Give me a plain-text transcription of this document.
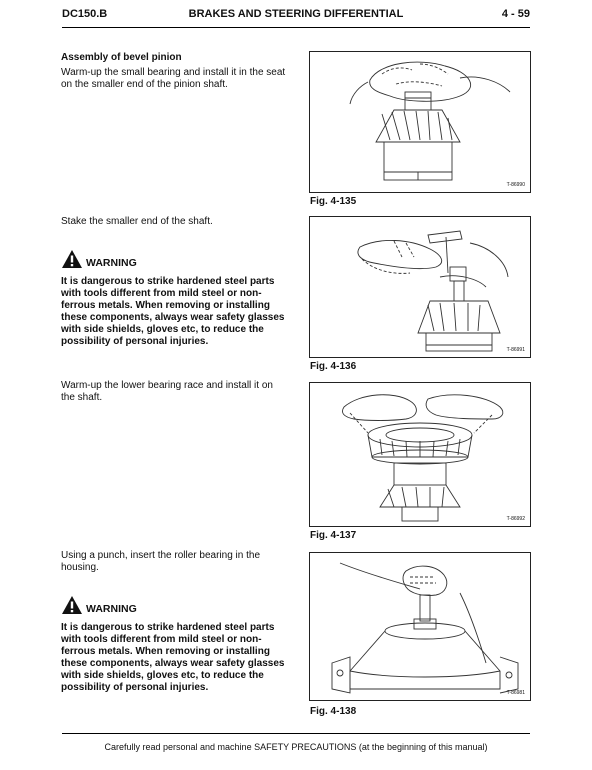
DC150.B	BRAKES AND STEERING DIFFERENTIAL	4 - 59
Assembly of bevel pinion
Warm-up the small bearing and install it in the seat on the smaller end of the pinion shaft.
Stake the smaller end of the shaft.
WARNING
It is dangerous to strike hardened steel parts with tools different from mild steel or non-ferrous metals. When removing or installing these components, always wear safety glasses with side shields, gloves etc, to reduce the possibility of personal injuries.
Warm-up the lower bearing race and install it on the shaft.
Using a punch, insert the roller bearing in the housing.
WARNING
It is dangerous to strike hardened steel parts with tools different from mild steel or non-ferrous metals. When removing or installing these components, always wear safety glasses with side shields, gloves etc, to reduce the possibility of personal injuries.
T-86990
Fig. 4-135
T-86991
Fig. 4-136
T-86992
Fig. 4-137
T-86981
Fig. 4-138
Carefully read personal and machine SAFETY PRECAUTIONS (at the beginning of this manual)
